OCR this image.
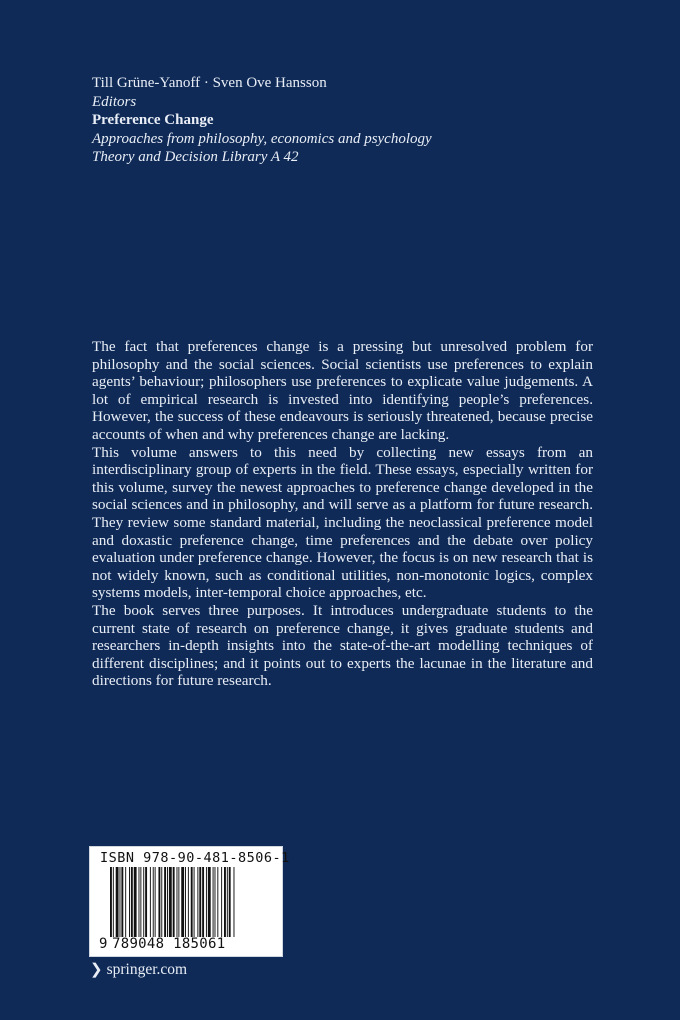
Till Grüne-Yanoff · Sven Ove Hansson
Editors
Preference Change
Approaches from philosophy, economics and psychology
Theory and Decision Library A 42

The fact that preferences change is a pressing but unresolved problem for philosophy and the social sciences. Social scientists use preferences to explain agents’ behaviour; philosophers use preferences to explicate value judgements. A lot of empirical research is invested into identifying people’s preferences. However, the success of these endeavours is seriously threatened, because precise accounts of when and why preferences change are lacking.

This volume answers to this need by collecting new essays from an interdisciplinary group of experts in the field. These essays, especially written for this volume, survey the newest approaches to preference change developed in the social sciences and in philosophy, and will serve as a platform for future research. They review some standard material, including the neoclassical preference model and doxastic preference change, time preferences and the debate over policy evaluation under preference change. However, the focus is on new research that is not widely known, such as conditional utilities, non-monotonic logics, complex systems models, inter-temporal choice approaches, etc.

The book serves three purposes. It introduces undergraduate students to the current state of research on preference change, it gives graduate students and researchers in-depth insights into the state-of-the-art modelling techniques of different disciplines; and it points out to experts the lacunae in the literature and directions for future research.

ISBN 978-90-481-8506-1
9 789048 185061
❯ springer.com
